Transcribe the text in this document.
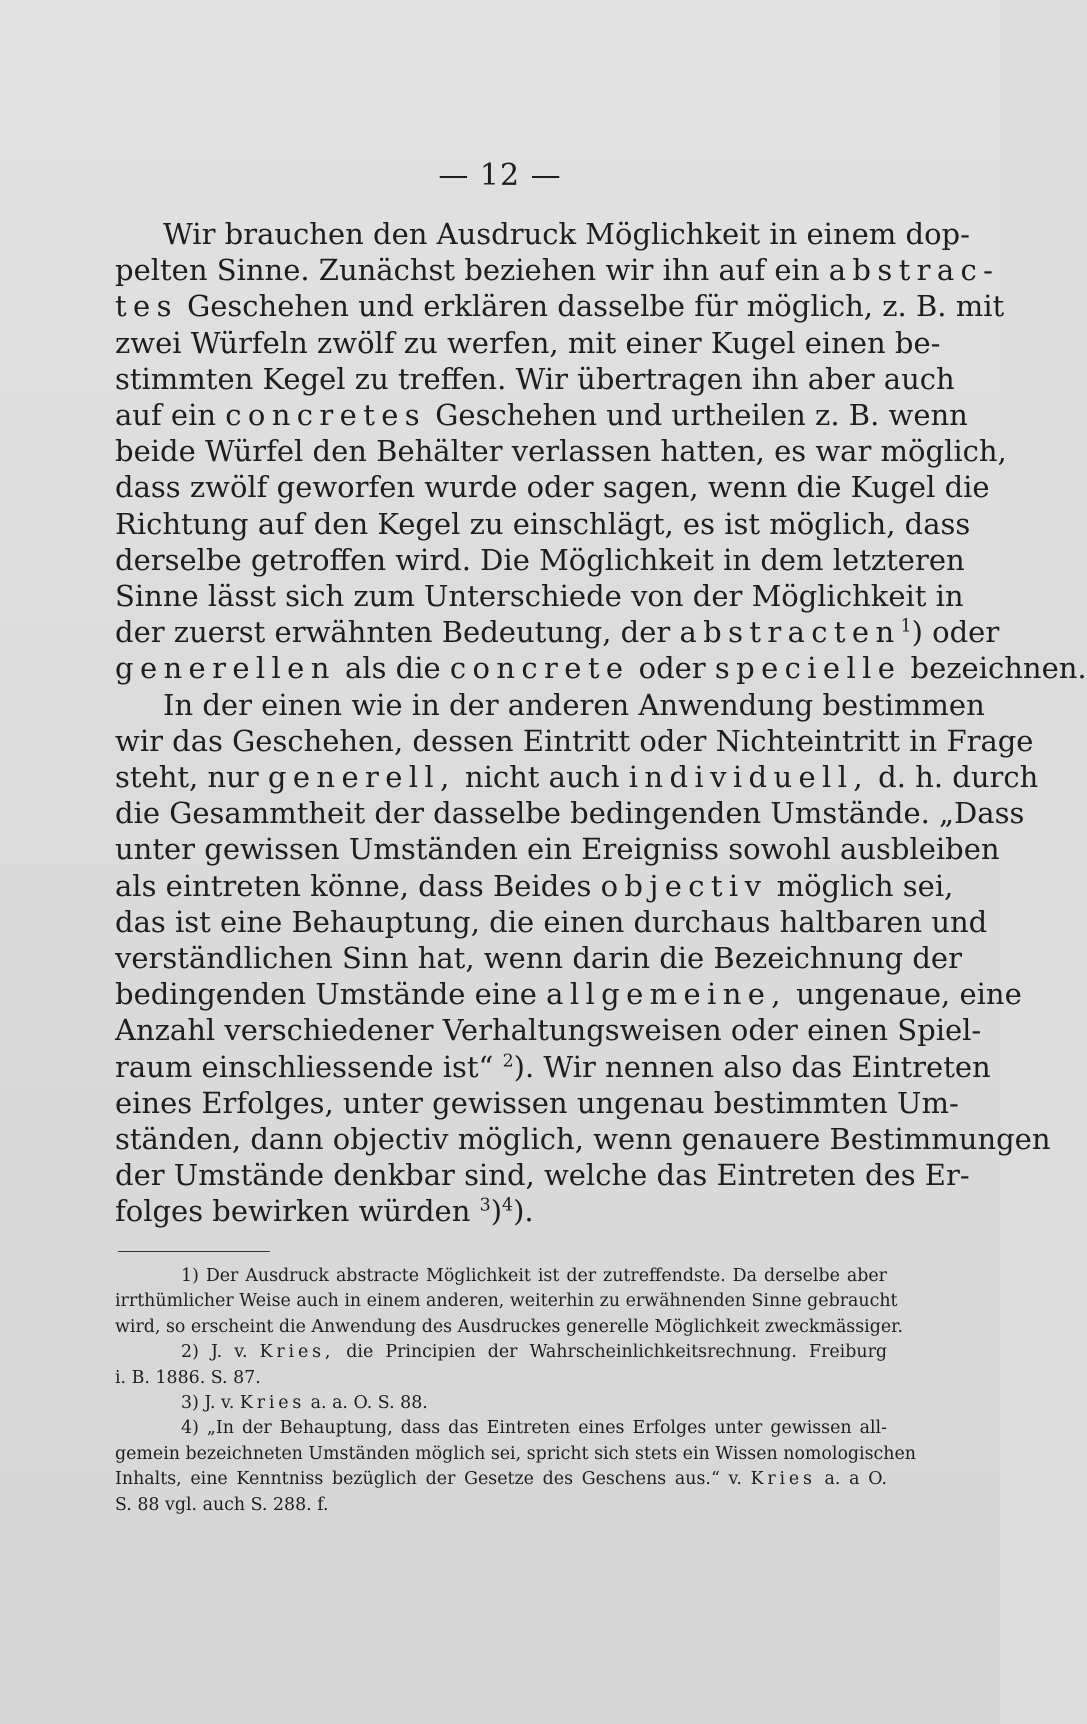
— 12 —

Wir brauchen den Ausdruck Möglichkeit in einem dop-
pelten Sinne. Zunächst beziehen wir ihn auf ein abstrac-
tes Geschehen und erklären dasselbe für möglich, z. B. mit
zwei Würfeln zwölf zu werfen, mit einer Kugel einen be-
stimmten Kegel zu treffen. Wir übertragen ihn aber auch
auf ein concretes Geschehen und urtheilen z. B. wenn
beide Würfel den Behälter verlassen hatten, es war möglich,
dass zwölf geworfen wurde oder sagen, wenn die Kugel die
Richtung auf den Kegel zu einschlägt, es ist möglich, dass
derselbe getroffen wird. Die Möglichkeit in dem letzteren
Sinne lässt sich zum Unterschiede von der Möglichkeit in
der zuerst erwähnten Bedeutung, der abstracten$^1$) oder
generellen als die concrete oder specielle bezeichnen.

In der einen wie in der anderen Anwendung bestimmen
wir das Geschehen, dessen Eintritt oder Nichteintritt in Frage
steht, nur generell, nicht auch individuell, d. h. durch
die Gesammtheit der dasselbe bedingenden Umstände. „Dass
unter gewissen Umständen ein Ereigniss sowohl ausbleiben
als eintreten könne, dass Beides objectiv möglich sei,
das ist eine Behauptung, die einen durchaus haltbaren und
verständlichen Sinn hat, wenn darin die Bezeichnung der
bedingenden Umstände eine allgemeine, ungenaue, eine
Anzahl verschiedener Verhaltungsweisen oder einen Spiel-
raum einschliessende ist“ $^2$). Wir nennen also das Eintreten
eines Erfolges, unter gewissen ungenau bestimmten Um-
ständen, dann objectiv möglich, wenn genauere Bestimmungen
der Umstände denkbar sind, welche das Eintreten des Er-
folges bewirken würden $^3$)$^4$).

1) Der Ausdruck abstracte Möglichkeit ist der zutreffendste. Da derselbe aber
irrthümlicher Weise auch in einem anderen, weiterhin zu erwähnenden Sinne gebraucht
wird, so erscheint die Anwendung des Ausdruckes generelle Möglichkeit zweckmässiger.
2) J. v. Kries, die Principien der Wahrscheinlichkeitsrechnung. Freiburg
i. B. 1886. S. 87.
3) J. v. Kries a. a. O. S. 88.
4) „In der Behauptung, dass das Eintreten eines Erfolges unter gewissen all-
gemein bezeichneten Umständen möglich sei, spricht sich stets ein Wissen nomologischen
Inhalts, eine Kenntniss bezüglich der Gesetze des Geschens aus.“ v. Kries a. a O.
S. 88 vgl. auch S. 288. f.
